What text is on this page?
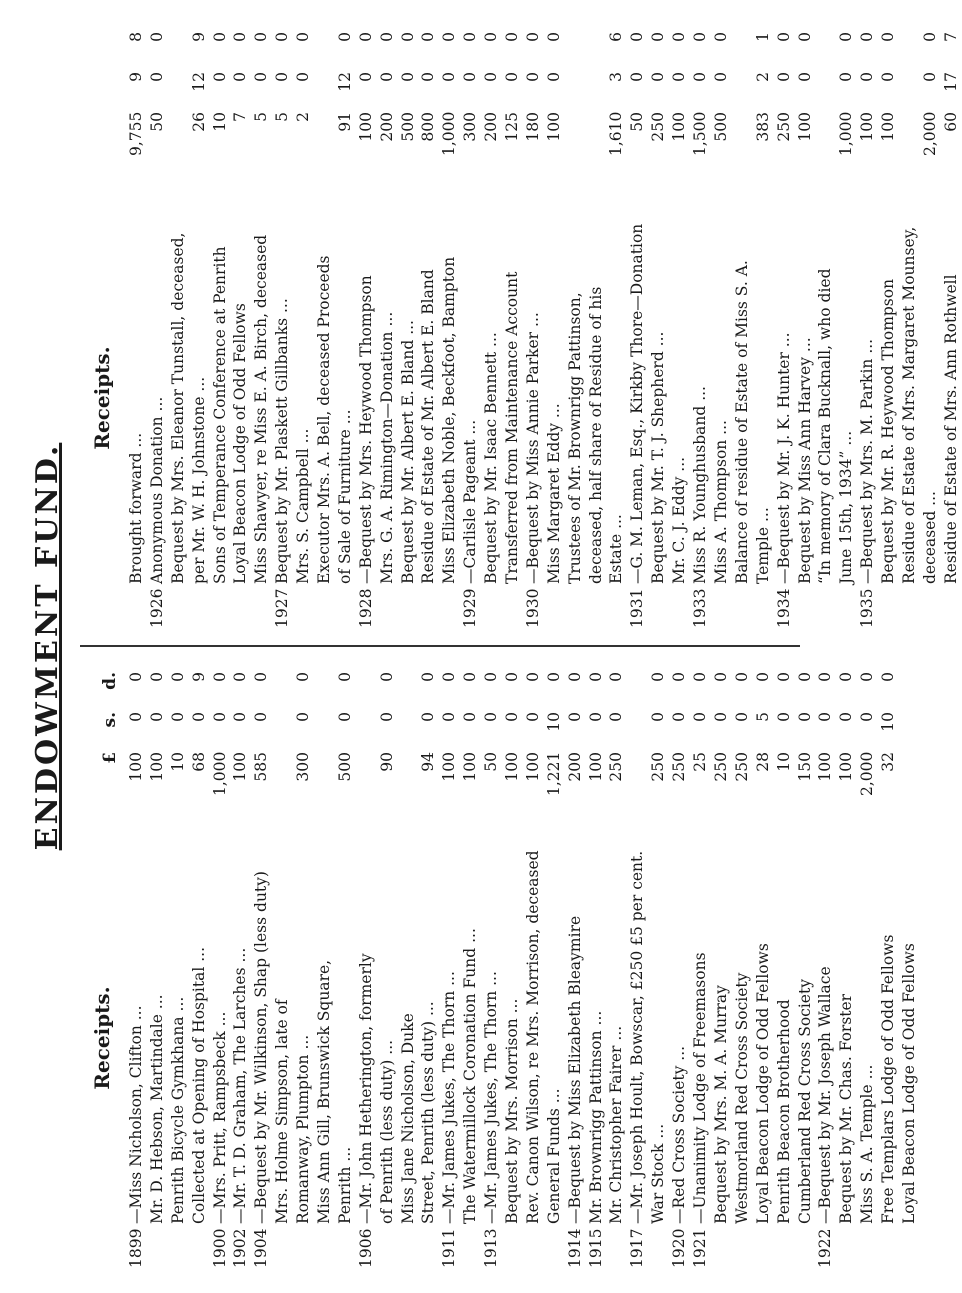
ENDOWMENT FUND.
Receipts.
£
s.
d.
1899
—Miss Nicholson, Clifton ...
100
0
0
Mr. D. Hebson, Martindale ...
100
0
0
Penrith Bicycle Gymkhana ...
10
0
0
Collected at Opening of Hospital ...
68
0
9
1900
—Mrs. Pritt, Rampsbeck ...
1,000
0
0
1902
—Mr. T. D. Graham, The Larches ...
100
0
0
1904
—Bequest by Mr. Wilkinson, Shap (less duty)
585
0
0
Mrs. Holme Simpson, late of Romanway, Plumpton ...
300
0
0
Miss Ann Gill, Brunswick Square, Penrith ...
500
0
0
1906
—Mr. John Hetherington, formerly of Penrith (less duty) ...
90
0
0
Miss Jane Nicholson, Duke Street, Penrith (less duty) ...
94
0
0
1911
—Mr. James Jukes, The Thorn ...
100
0
0
The Watermillock Coronation Fund ...
100
0
0
1913
—Mr. James Jukes, The Thorn ...
50
0
0
Bequest by Mrs. Morrison ...
100
0
0
Rev. Canon Wilson, re Mrs. Morrison, deceased
100
0
0
General Funds ...
1,221
10
0
1914
—Bequest by Miss Elizabeth Bleaymire
200
0
0
1915
Mr. Brownrigg Pattinson ...
100
0
0
Mr. Christopher Fairer ...
250
0
0
1917
—Mr. Joseph Hoult, Bowscar, £250 £5 per cent. War Stock ...
250
0
0
1920
—Red Cross Society ...
250
0
0
1921
—Unanimity Lodge of Freemasons
25
0
0
Bequest by Mrs. M. A. Murray
250
0
0
Westmorland Red Cross Society
250
0
0
Loyal Beacon Lodge of Odd Fellows
28
5
0
Penrith Beacon Brotherhood
10
0
0
Cumberland Red Cross Society
150
0
0
1922
—Bequest by Mr. Joseph Wallace
100
0
0
Bequest by Mr. Chas. Forster
100
0
0
Miss S. A. Temple ...
2,000
0
0
Free Templars Lodge of Odd Fellows
32
10
0
Loyal Beacon Lodge of Odd Fellows
Receipts.
Brought forward ...
9,755
9
8
1926
Anonymous Donation ...
50
0
0
Bequest by Mrs. Eleanor Tunstall, deceased, per Mr. W. H. Johnstone ...
26
12
9
Sons of Temperance Conference at Penrith
10
0
0
Loyal Beacon Lodge of Odd Fellows
7
0
0
Miss Shawyer, re Miss E. A. Birch, deceased
5
0
0
1927
Bequest by Mr. Plaskett Gillbanks ...
5
0
0
Mrs. S. Campbell ...
2
0
0
Executor Mrs. A. Bell, deceased Proceeds of Sale of Furniture ...
91
12
0
1928
—Bequest by Mrs. Heywood Thompson
100
0
0
Mrs. G. A. Rimington—Donation ...
200
0
0
Bequest by Mr. Albert E. Bland ...
500
0
0
Residue of Estate of Mr. Albert E. Bland
800
0
0
Miss Elizabeth Noble, Beckfoot, Bampton
1,000
0
0
1929
—Carlisle Pageant ...
300
0
0
Bequest by Mr. Isaac Bennett ...
200
0
0
Transferred from Maintenance Account
125
0
0
1930
—Bequest by Miss Annie Parker ...
180
0
0
Miss Margaret Eddy ...
100
0
0
Trustees of Mr. Brownrigg Pattinson, deceased, half share of Residue of his Estate ...
1,610
3
6
1931
—G. M. Leman, Esq., Kirkby Thore—Donation
50
0
0
Bequest by Mr. T. J. Shepherd ...
250
0
0
Mr. C. J. Eddy ...
100
0
0
1933
Miss R. Younghusband ...
1,500
0
0
Miss A. Thompson ...
500
0
0
Balance of residue of Estate of Miss S. A. Temple ...
383
2
1
1934
—Bequest by Mr. J. K. Hunter ...
250
0
0
Bequest by Miss Ann Harvey ...
100
0
0
“In memory of Clara Bucknall, who died June 15th, 1934” ...
1,000
0
0
1935
—Bequest by Mrs. M. Parkin ...
100
0
0
Bequest by Mr. R. Heywood Thompson
100
0
0
Residue of Estate of Mrs. Margaret Mounsey, deceased ...
2,000
0
0
Residue of Estate of Mrs. Ann Rothwell
60
17
7
